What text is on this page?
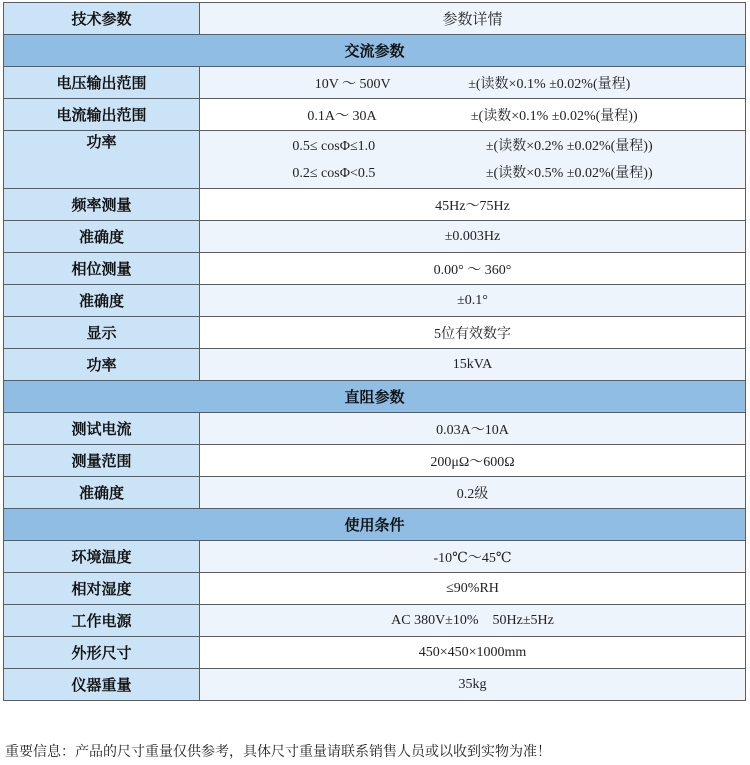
技术参数	参数详情
交流参数	
电压输出范围	10V ～ 500V ±(读数×0.1% ±0.02%(量程)
电流输出范围	0.1A～ 30A ±(读数×0.1% ±0.02%(量程))
功率	0.5≤ cosΦ≤1.0 ±(读数×0.2% ±0.02%(量程))
0.2≤ cosΦ<0.5 ±(读数×0.5% ±0.02%(量程))

频率测量	45Hz～75Hz
准确度	±0.003Hz
相位测量	0.00° ～ 360°
准确度	±0.1°
显示	5位有效数字
功率	15kVA
直阻参数	
测试电流	0.03A～10A
测量范围	200μΩ～600Ω
准确度	0.2级
使用条件	
环境温度	-10℃～45℃
相对湿度	≤90%RH
工作电源	AC 380V±10%    50Hz±5Hz
外形尺寸	450×450×1000mm
仪器重量	35kg

重要信息：产品的尺寸重量仅供参考，具体尺寸重量请联系销售人员或以收到实物为准！
